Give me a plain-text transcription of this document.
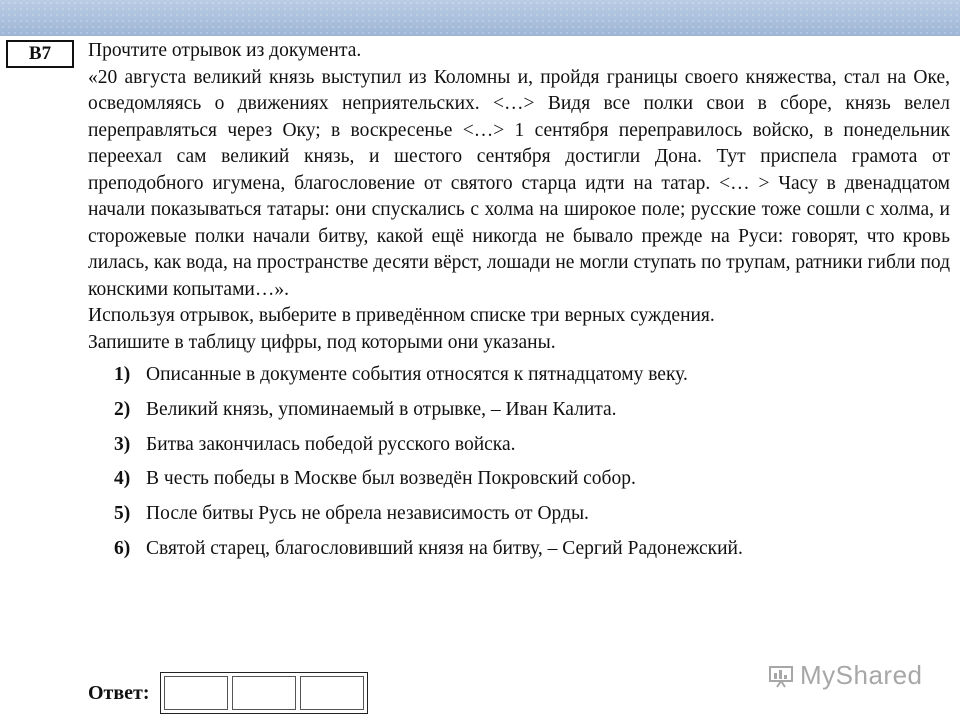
B7	Прочтите отрывок из документа.

«20 августа великий князь выступил из Коломны и, пройдя границы своего княжества, стал на Оке, осведомляясь о движениях неприятельских. <…> Видя все полки свои в сборе, князь велел переправляться через Оку; в воскресенье <…> 1 сентября переправилось войско, в понедельник переехал сам великий князь, и шестого сентября достигли Дона. Тут приспела грамота от преподобного игумена, благословение от святого старца идти на татар. <… > Часу в двенадцатом начали показываться татары: они спускались с холма на широкое поле; русские тоже сошли с холма, и сторожевые полки начали битву, какой ещё никогда не бывало прежде на Руси: говорят, что кровь лилась, как вода, на пространстве десяти вёрст, лошади не могли ступать по трупам, ратники гибли под конскими копытами…».

Используя отрывок, выберите в приведённом списке три верных суждения.

Запишите в таблицу цифры, под которыми они указаны.

1) Описанные в документе события относятся к пятнадцатому веку.
2) Великий князь, упоминаемый в отрывке, – Иван Калита.
3) Битва закончилась победой русского войска.
4) В честь победы в Москве был возведён Покровский собор.
5) После битвы Русь не обрела независимость от Орды.
6) Святой старец, благословивший князя на битву, – Сергий Радонежский.
Ответ:
MyShared
